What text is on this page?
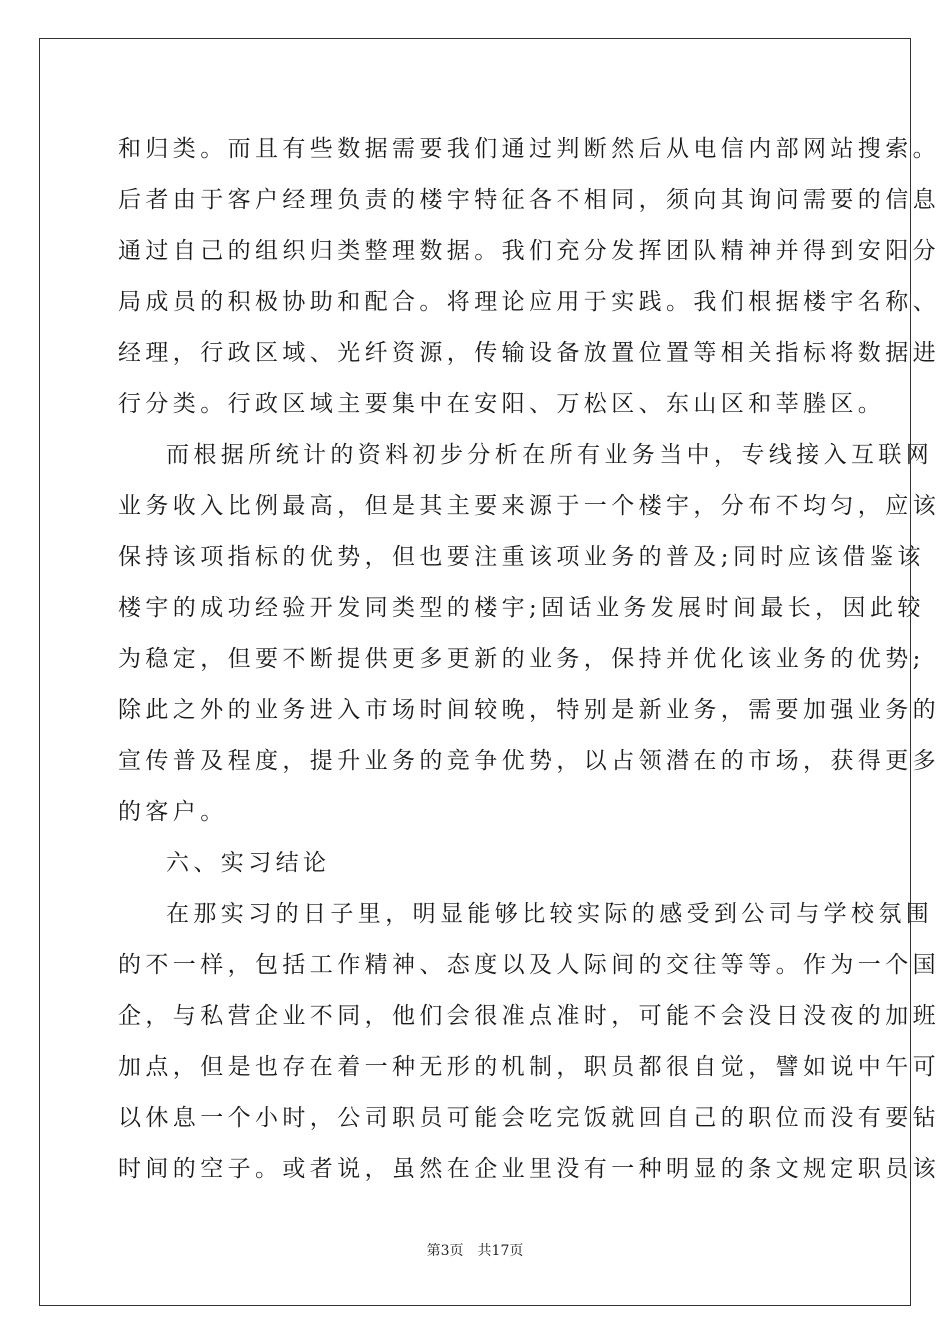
和归类。而且有些数据需要我们通过判断然后从电信内部网站搜索。
后者由于客户经理负责的楼宇特征各不相同，须向其询问需要的信息
通过自己的组织归类整理数据。我们充分发挥团队精神并得到安阳分
局成员的积极协助和配合。将理论应用于实践。我们根据楼宇名称、
经理，行政区域、光纤资源，传输设备放置位置等相关指标将数据进
行分类。行政区域主要集中在安阳、万松区、东山区和莘塍区。
而根据所统计的资料初步分析在所有业务当中，专线接入互联网
业务收入比例最高，但是其主要来源于一个楼宇，分布不均匀，应该
保持该项指标的优势，但也要注重该项业务的普及;同时应该借鉴该
楼宇的成功经验开发同类型的楼宇;固话业务发展时间最长，因此较
为稳定，但要不断提供更多更新的业务，保持并优化该业务的优势;
除此之外的业务进入市场时间较晚，特别是新业务，需要加强业务的
宣传普及程度，提升业务的竞争优势，以占领潜在的市场，获得更多
的客户。
六、实习结论
在那实习的日子里，明显能够比较实际的感受到公司与学校氛围
的不一样，包括工作精神、态度以及人际间的交往等等。作为一个国
企，与私营企业不同，他们会很准点准时，可能不会没日没夜的加班
加点，但是也存在着一种无形的机制，职员都很自觉，譬如说中午可
以休息一个小时，公司职员可能会吃完饭就回自己的职位而没有要钻
时间的空子。或者说，虽然在企业里没有一种明显的条文规定职员该
第3页 共17页
